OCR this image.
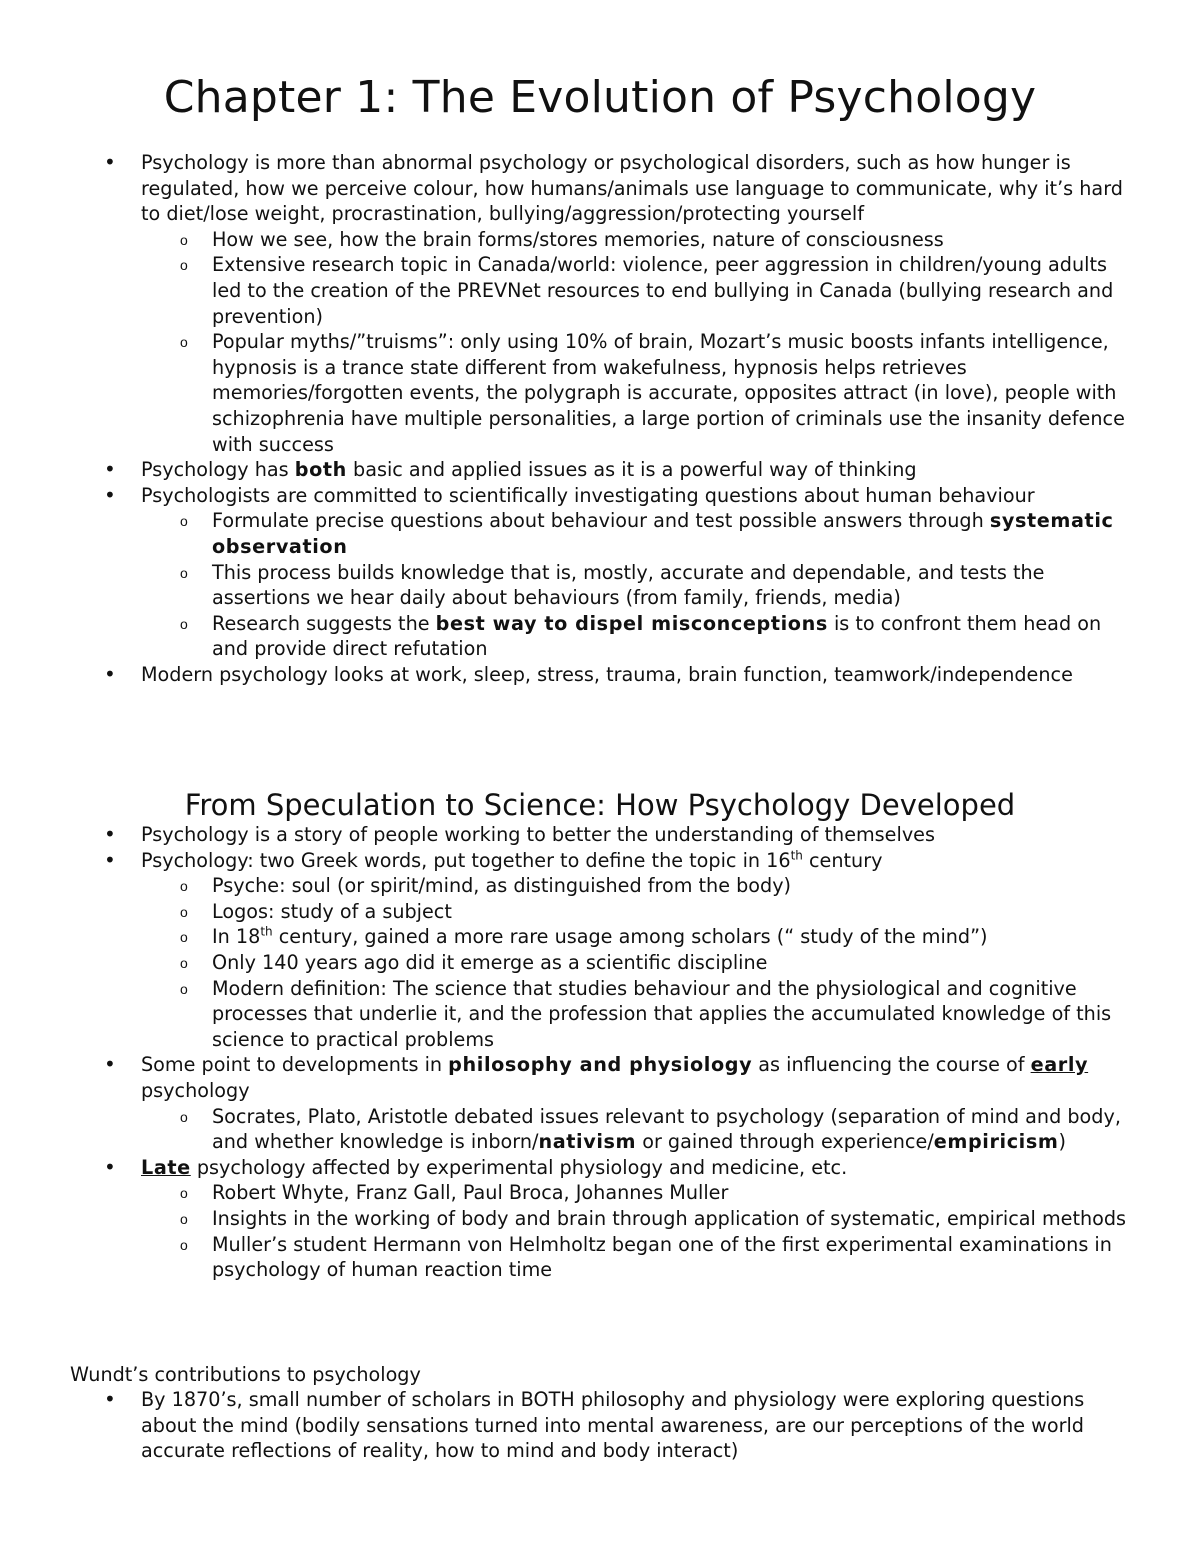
Chapter 1: The Evolution of Psychology
• Psychology is more than abnormal psychology or psychological disorders, such as how hunger is regulated, how we perceive colour, how humans/animals use language to communicate, why it’s hard to diet/lose weight, procrastination, bullying/aggression/protecting yourself
o How we see, how the brain forms/stores memories, nature of consciousness
o Extensive research topic in Canada/world: violence, peer aggression in children/young adults led to the creation of the PREVNet resources to end bullying in Canada (bullying research and prevention)
o Popular myths/”truisms”: only using 10% of brain, Mozart’s music boosts infants intelligence, hypnosis is a trance state different from wakefulness, hypnosis helps retrieves memories/forgotten events, the polygraph is accurate, opposites attract (in love), people with schizophrenia have multiple personalities, a large portion of criminals use the insanity defence with success
• Psychology has both basic and applied issues as it is a powerful way of thinking
• Psychologists are committed to scientifically investigating questions about human behaviour
o Formulate precise questions about behaviour and test possible answers through systematic observation
o This process builds knowledge that is, mostly, accurate and dependable, and tests the assertions we hear daily about behaviours (from family, friends, media)
o Research suggests the best way to dispel misconceptions is to confront them head on and provide direct refutation
• Modern psychology looks at work, sleep, stress, trauma, brain function, teamwork/independence
From Speculation to Science: How Psychology Developed
• Psychology is a story of people working to better the understanding of themselves
• Psychology: two Greek words, put together to define the topic in 16th century
o Psyche: soul (or spirit/mind, as distinguished from the body)
o Logos: study of a subject
o In 18th century, gained a more rare usage among scholars (“ study of the mind”)
o Only 140 years ago did it emerge as a scientific discipline
o Modern definition: The science that studies behaviour and the physiological and cognitive processes that underlie it, and the profession that applies the accumulated knowledge of this science to practical problems
• Some point to developments in philosophy and physiology as influencing the course of early psychology
o Socrates, Plato, Aristotle debated issues relevant to psychology (separation of mind and body, and whether knowledge is inborn/nativism or gained through experience/empiricism)
• Late psychology affected by experimental physiology and medicine, etc.
o Robert Whyte, Franz Gall, Paul Broca, Johannes Muller
o Insights in the working of body and brain through application of systematic, empirical methods
o Muller’s student Hermann von Helmholtz began one of the first experimental examinations in psychology of human reaction time

Wundt’s contributions to psychology

• By 1870’s, small number of scholars in BOTH philosophy and physiology were exploring questions about the mind (bodily sensations turned into mental awareness, are our perceptions of the world accurate reflections of reality, how to mind and body interact)
